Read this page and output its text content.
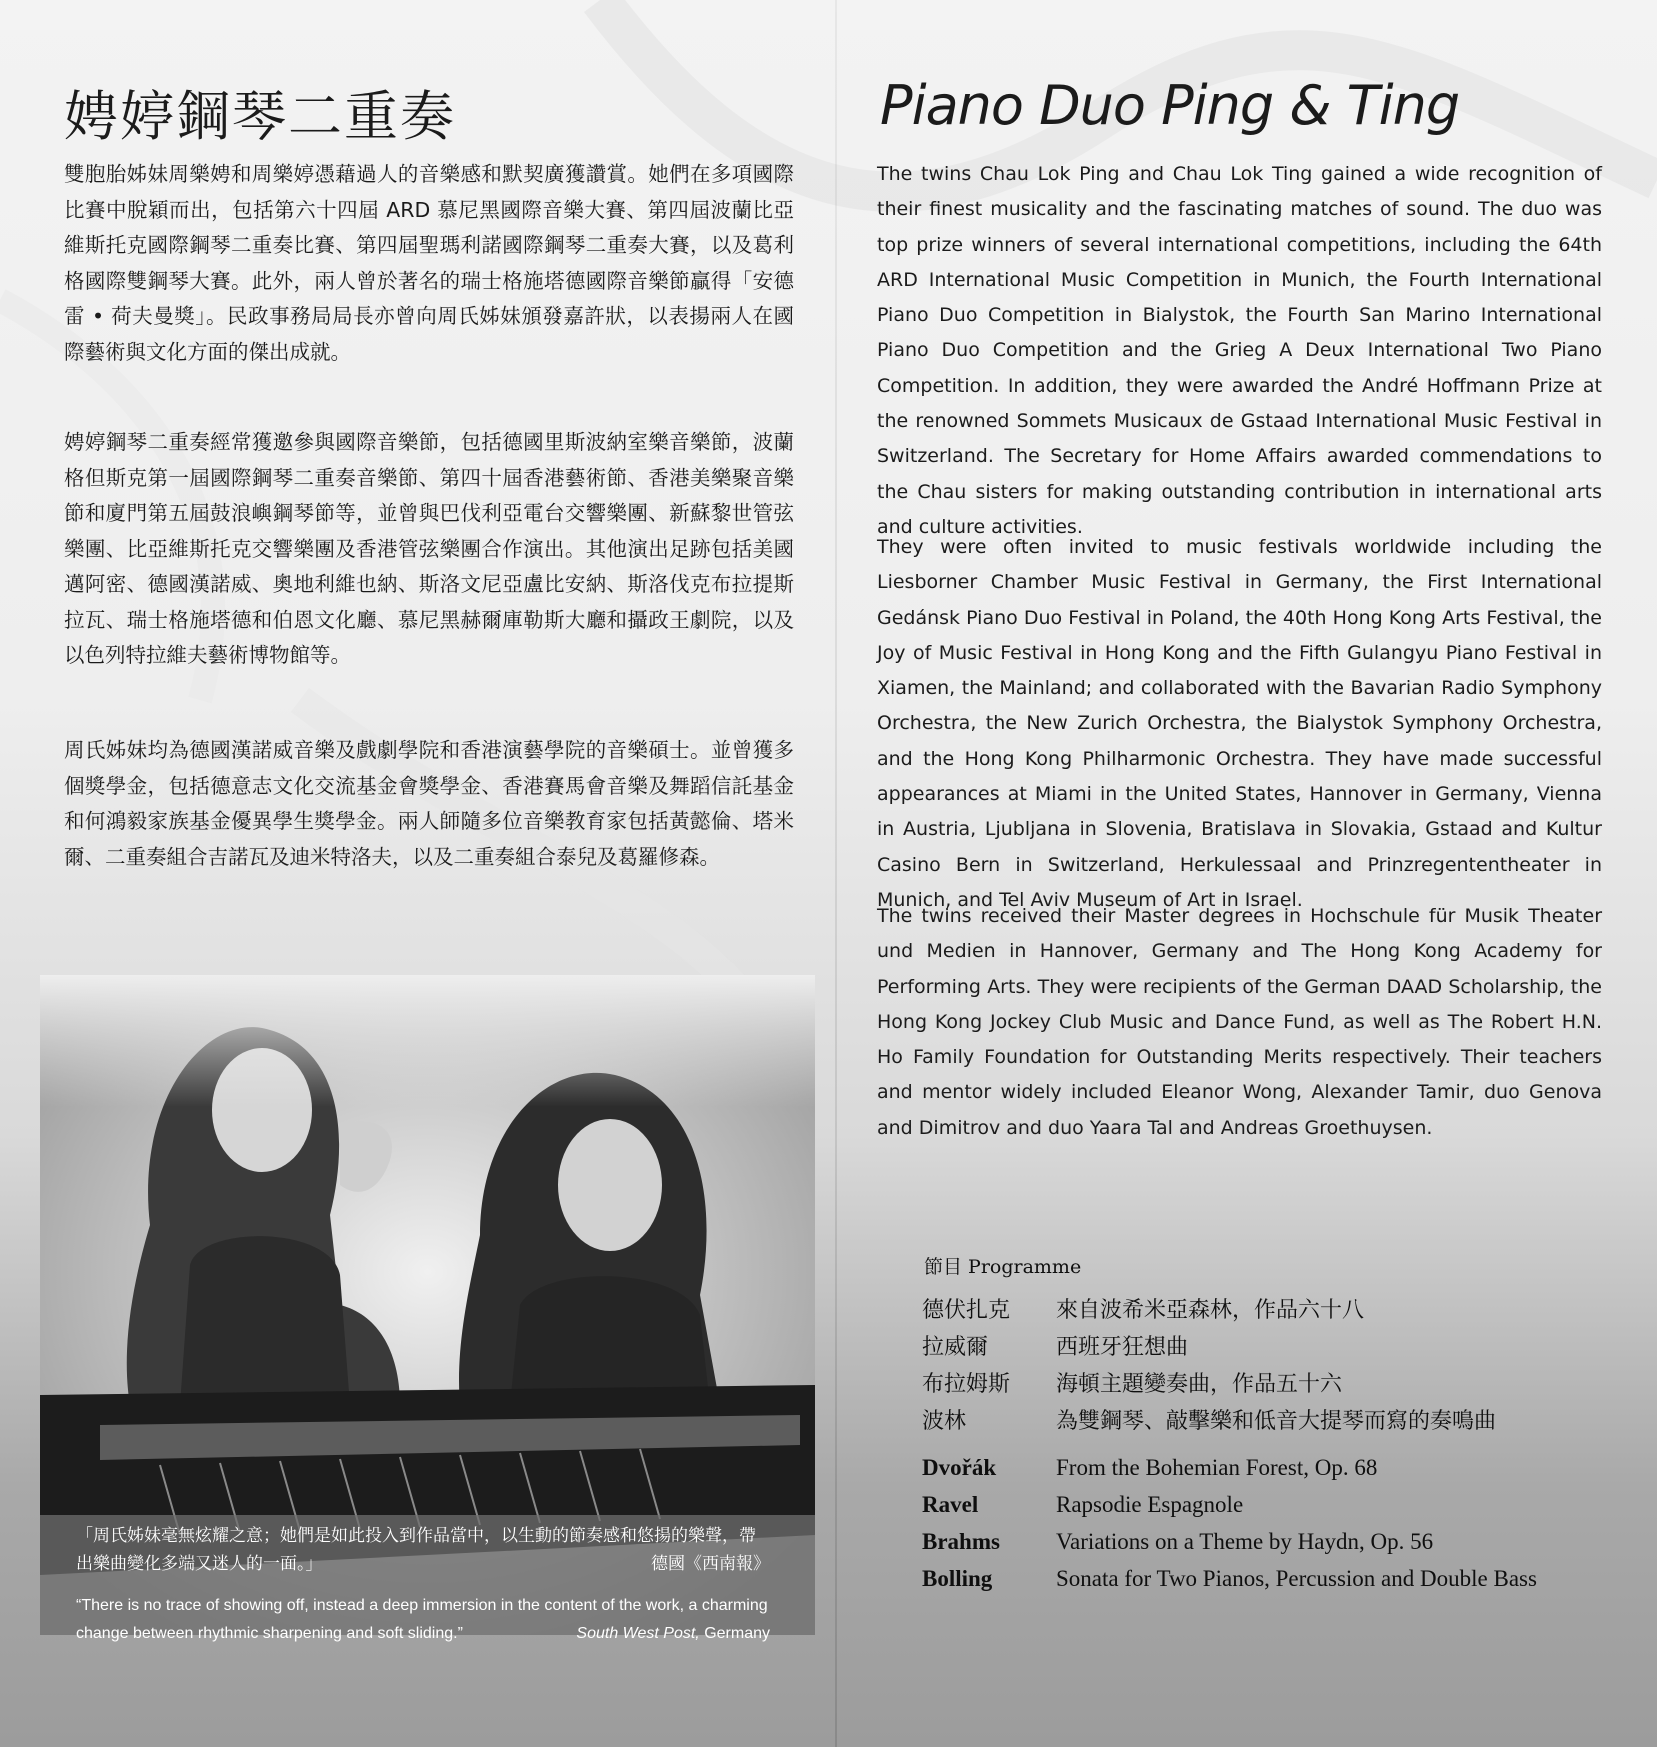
娉婷鋼琴二重奏

雙胞胎姊妹周樂娉和周樂婷憑藉過人的音樂感和默契廣獲讚賞。她們在多項國際比賽中脫穎而出，包括第六十四屆 ARD 慕尼黑國際音樂大賽、第四屆波蘭比亞維斯托克國際鋼琴二重奏比賽、第四屆聖瑪利諾國際鋼琴二重奏大賽，以及葛利格國際雙鋼琴大賽。此外，兩人曾於著名的瑞士格施塔德國際音樂節贏得「安德雷 • 荷夫曼獎」。民政事務局局長亦曾向周氏姊妹頒發嘉許狀，以表揚兩人在國際藝術與文化方面的傑出成就。

娉婷鋼琴二重奏經常獲邀參與國際音樂節，包括德國里斯波納室樂音樂節，波蘭格但斯克第一屆國際鋼琴二重奏音樂節、第四十屆香港藝術節、香港美樂聚音樂節和廈門第五屆鼓浪嶼鋼琴節等，並曾與巴伐利亞電台交響樂團、新蘇黎世管弦樂團、比亞維斯托克交響樂團及香港管弦樂團合作演出。其他演出足跡包括美國邁阿密、德國漢諾威、奧地利維也納、斯洛文尼亞盧比安納、斯洛伐克布拉提斯拉瓦、瑞士格施塔德和伯恩文化廳、慕尼黑赫爾庫勒斯大廳和攝政王劇院，以及以色列特拉維夫藝術博物館等。

周氏姊妹均為德國漢諾威音樂及戲劇學院和香港演藝學院的音樂碩士。並曾獲多個獎學金，包括德意志文化交流基金會獎學金、香港賽馬會音樂及舞蹈信託基金和何鴻毅家族基金優異學生獎學金。兩人師隨多位音樂教育家包括黃懿倫、塔米爾、二重奏組合吉諾瓦及迪米特洛夫，以及二重奏組合泰兒及葛羅修森。

「周氏姊妹毫無炫耀之意；她們是如此投入到作品當中，以生動的節奏感和悠揚的樂聲，帶出樂曲變化多端又迷人的一面。」	德國《西南報》

“There is no trace of showing off, instead a deep immersion in the content of the work, a charming change between rhythmic sharpening and soft sliding.”	South West Post, Germany

Piano Duo Ping & Ting

The twins Chau Lok Ping and Chau Lok Ting gained a wide recognition of their finest musicality and the fascinating matches of sound. The duo was top prize winners of several international competitions, including the 64th ARD International Music Competition in Munich, the Fourth International Piano Duo Competition in Bialystok, the Fourth San Marino International Piano Duo Competition and the Grieg A Deux International Two Piano Competition. In addition, they were awarded the André Hoffmann Prize at the renowned Sommets Musicaux de Gstaad International Music Festival in Switzerland. The Secretary for Home Affairs awarded commendations to the Chau sisters for making outstanding contribution in international arts and culture activities.

They were often invited to music festivals worldwide including the Liesborner Chamber Music Festival in Germany, the First International Gedánsk Piano Duo Festival in Poland, the 40th Hong Kong Arts Festival, the Joy of Music Festival in Hong Kong and the Fifth Gulangyu Piano Festival in Xiamen, the Mainland; and collaborated with the Bavarian Radio Symphony Orchestra, the New Zurich Orchestra, the Bialystok Symphony Orchestra, and the Hong Kong Philharmonic Orchestra. They have made successful appearances at Miami in the United States, Hannover in Germany, Vienna in Austria, Ljubljana in Slovenia, Bratislava in Slovakia, Gstaad and Kultur Casino Bern in Switzerland, Herkulessaal and Prinzregententheater in Munich, and Tel Aviv Museum of Art in Israel.

The twins received their Master degrees in Hochschule für Musik Theater und Medien in Hannover, Germany and The Hong Kong Academy for Performing Arts. They were recipients of the German DAAD Scholarship, the Hong Kong Jockey Club Music and Dance Fund, as well as The Robert H.N. Ho Family Foundation for Outstanding Merits respectively. Their teachers and mentor widely included Eleanor Wong, Alexander Tamir, duo Genova and Dimitrov and duo Yaara Tal and Andreas Groethuysen.

節目 Programme
德伏扎克 來自波希米亞森林，作品六十八
拉威爾	西班牙狂想曲
布拉姆斯 海頓主題變奏曲，作品五十六
波林	為雙鋼琴、敲擊樂和低音大提琴而寫的奏鳴曲
Dvořák	From the Bohemian Forest, Op. 68
Ravel	Rapsodie Espagnole
Brahms Variations on a Theme by Haydn, Op. 56
Bolling	Sonata for Two Pianos, Percussion and Double Bass
